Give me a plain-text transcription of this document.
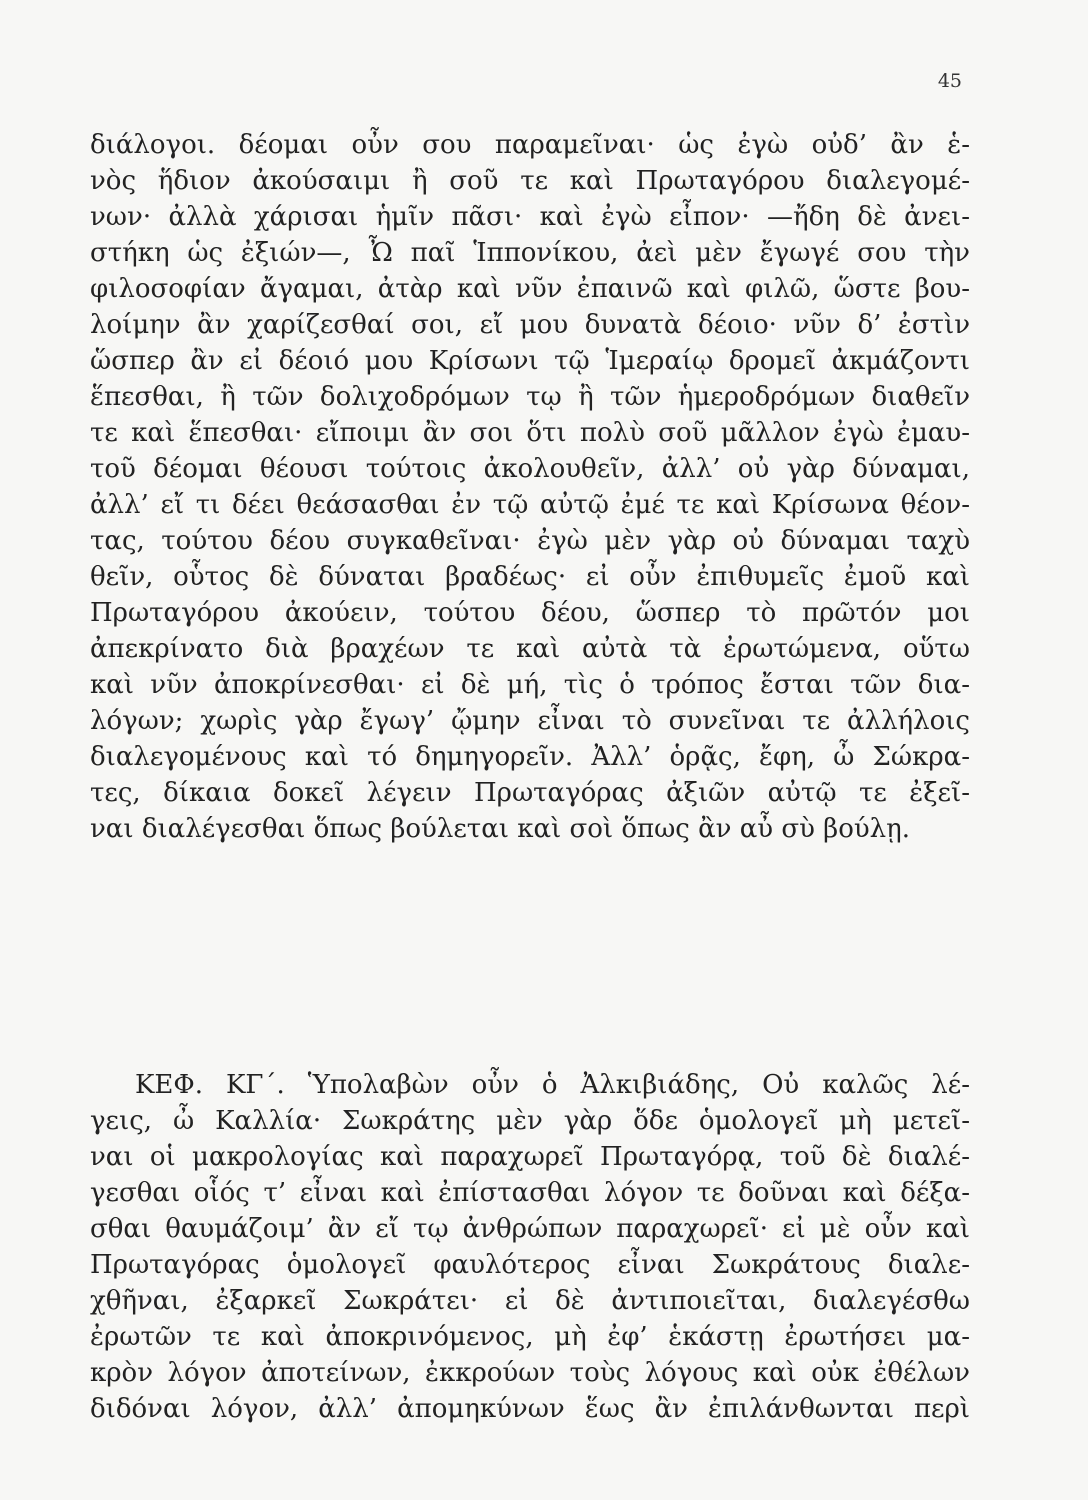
45
διάλογοι. δέομαι οὖν σου παραμεῖναι· ὡς ἐγὼ οὐδ’ ἂν ἑ-
νὸς ἥδιον ἀκούσαιμι ἢ σοῦ τε καὶ Πρωταγόρου διαλεγομέ-
νων· ἀλλὰ χάρισαι ἡμῖν πᾶσι· καὶ ἐγὼ εἶπον· —ἤδη δὲ ἀνει-
στήκη ὡς ἐξιών—, Ὦ παῖ Ἱππονίκου, ἀεὶ μὲν ἔγωγέ σου τὴν
φιλοσοφίαν ἄγαμαι, ἀτὰρ καὶ νῦν ἐπαινῶ καὶ φιλῶ, ὥστε βου-
λοίμην ἂν χαρίζεσθαί σοι, εἴ μου δυνατὰ δέοιο· νῦν δ’ ἐστὶν
ὥσπερ ἂν εἰ δέοιό μου Κρίσωνι τῷ Ἱμεραίῳ δρομεῖ ἀκμάζοντι
ἕπεσθαι, ἢ τῶν δολιχοδρόμων τῳ ἢ τῶν ἡμεροδρόμων διαθεῖν
τε καὶ ἕπεσθαι· εἴποιμι ἂν σοι ὅτι πολὺ σοῦ μᾶλλον ἐγὼ ἐμαυ-
τοῦ δέομαι θέουσι τούτοις ἀκολουθεῖν, ἀλλ’ οὐ γὰρ δύναμαι,
ἀλλ’ εἴ τι δέει θεάσασθαι ἐν τῷ αὐτῷ ἐμέ τε καὶ Κρίσωνα θέον-
τας, τούτου δέου συγκαθεῖναι· ἐγὼ μὲν γὰρ οὐ δύναμαι ταχὺ
θεῖν, οὗτος δὲ δύναται βραδέως· εἰ οὖν ἐπιθυμεῖς ἐμοῦ καὶ
Πρωταγόρου ἀκούειν, τούτου δέου, ὥσπερ τὸ πρῶτόν μοι
ἀπεκρίνατο διὰ βραχέων τε καὶ αὐτὰ τὰ ἐρωτώμενα, οὕτω
καὶ νῦν ἀποκρίνεσθαι· εἰ δὲ μή, τὶς ὁ τρόπος ἔσται τῶν δια-
λόγων; χωρὶς γὰρ ἔγωγ’ ᾤμην εἶναι τὸ συνεῖναι τε ἀλλήλοις
διαλεγομένους καὶ τό δημηγορεῖν. Ἀλλ’ ὁρᾷς, ἔφη, ὦ Σώκρα-
τες, δίκαια δοκεῖ λέγειν Πρωταγόρας ἀξιῶν αὐτῷ τε ἐξεῖ-
ναι διαλέγεσθαι ὅπως βούλεται καὶ σοὶ ὅπως ἂν αὖ σὺ βούλῃ.
ΚΕΦ. ΚΓ΄. Ὑπολαβὼν οὖν ὁ Ἀλκιβιάδης, Οὐ καλῶς λέ-
γεις, ὦ Καλλία· Σωκράτης μὲν γὰρ ὅδε ὁμολογεῖ μὴ μετεῖ-
ναι οἱ μακρολογίας καὶ παραχωρεῖ Πρωταγόρᾳ, τοῦ δὲ διαλέ-
γεσθαι οἷός τ’ εἶναι καὶ ἐπίστασθαι λόγον τε δοῦναι καὶ δέξα-
σθαι θαυμάζοιμ’ ἂν εἴ τῳ ἀνθρώπων παραχωρεῖ· εἰ μὲ οὖν καὶ
Πρωταγόρας ὁμολογεῖ φαυλότερος εἶναι Σωκράτους διαλε-
χθῆναι, ἐξαρκεῖ Σωκράτει· εἰ δὲ ἀντιποιεῖται, διαλεγέσθω
ἐρωτῶν τε καὶ ἀποκρινόμενος, μὴ ἐφ’ ἑκάστῃ ἐρωτήσει μα-
κρὸν λόγον ἀποτείνων, ἐκκρούων τοὺς λόγους καὶ οὐκ ἐθέλων
διδόναι λόγον, ἀλλ’ ἀπομηκύνων ἕως ἂν ἐπιλάνθωνται περὶ
